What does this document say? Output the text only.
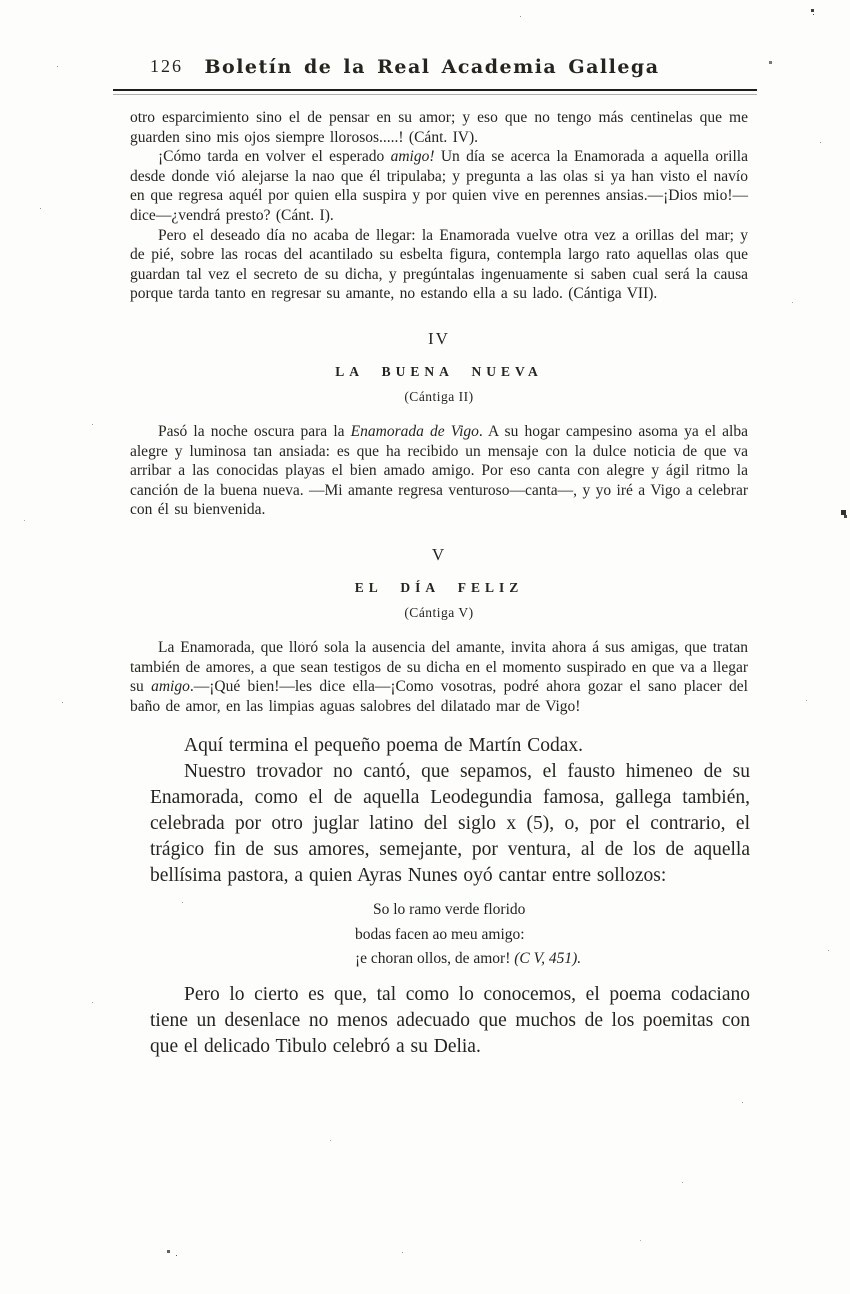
126	Boletín de la Real Academia Gallega

otro esparcimiento sino el de pensar en su amor; y eso que no tengo más centinelas que me guarden sino mis ojos siempre llorosos.....! (Cánt. IV).

¡Cómo tarda en volver el esperado amigo! Un día se acerca la Enamorada a aquella orilla desde donde vió alejarse la nao que él tripulaba; y pregunta a las olas si ya han visto el navío en que regresa aquél por quien ella suspira y por quien vive en perennes ansias.—¡Dios mio!—dice—¿vendrá presto? (Cánt. I).

Pero el deseado día no acaba de llegar: la Enamorada vuelve otra vez a orillas del mar; y de pié, sobre las rocas del acantilado su esbelta figura, contempla largo rato aquellas olas que guardan tal vez el secreto de su dicha, y pregúntalas ingenuamente si saben cual será la causa porque tarda tanto en regresar su amante, no estando ella a su lado. (Cántiga VII).

IV
LA BUENA NUEVA
(Cántiga II)

Pasó la noche oscura para la Enamorada de Vigo. A su hogar campesino asoma ya el alba alegre y luminosa tan ansiada: es que ha recibido un mensaje con la dulce noticia de que va arribar a las conocidas playas el bien amado amigo. Por eso canta con alegre y ágil ritmo la canción de la buena nueva. —Mi amante regresa venturoso—canta—, y yo iré a Vigo a celebrar con él su bienvenida.

V
EL DÍA FELIZ
(Cántiga V)

La Enamorada, que lloró sola la ausencia del amante, invita ahora á sus amigas, que tratan también de amores, a que sean testigos de su dicha en el momento suspirado en que va a llegar su amigo.—¡Qué bien!—les dice ella—¡Como vosotras, podré ahora gozar el sano placer del baño de amor, en las limpias aguas salobres del dilatado mar de Vigo!

Aquí termina el pequeño poema de Martín Codax.

Nuestro trovador no cantó, que sepamos, el fausto himeneo de su Enamorada, como el de aquella Leodegundia famosa, gallega también, celebrada por otro juglar latino del siglo x (5), o, por el contrario, el trágico fin de sus amores, semejante, por ventura, al de los de aquella bellísima pastora, a quien Ayras Nunes oyó cantar entre sollozos:

So lo ramo verde florido

bodas facen ao meu amigo:

¡e choran ollos, de amor! (C V, 451).

Pero lo cierto es que, tal como lo conocemos, el poema codaciano tiene un desenlace no menos adecuado que muchos de los poemitas con que el delicado Tibulo celebró a su Delia.
